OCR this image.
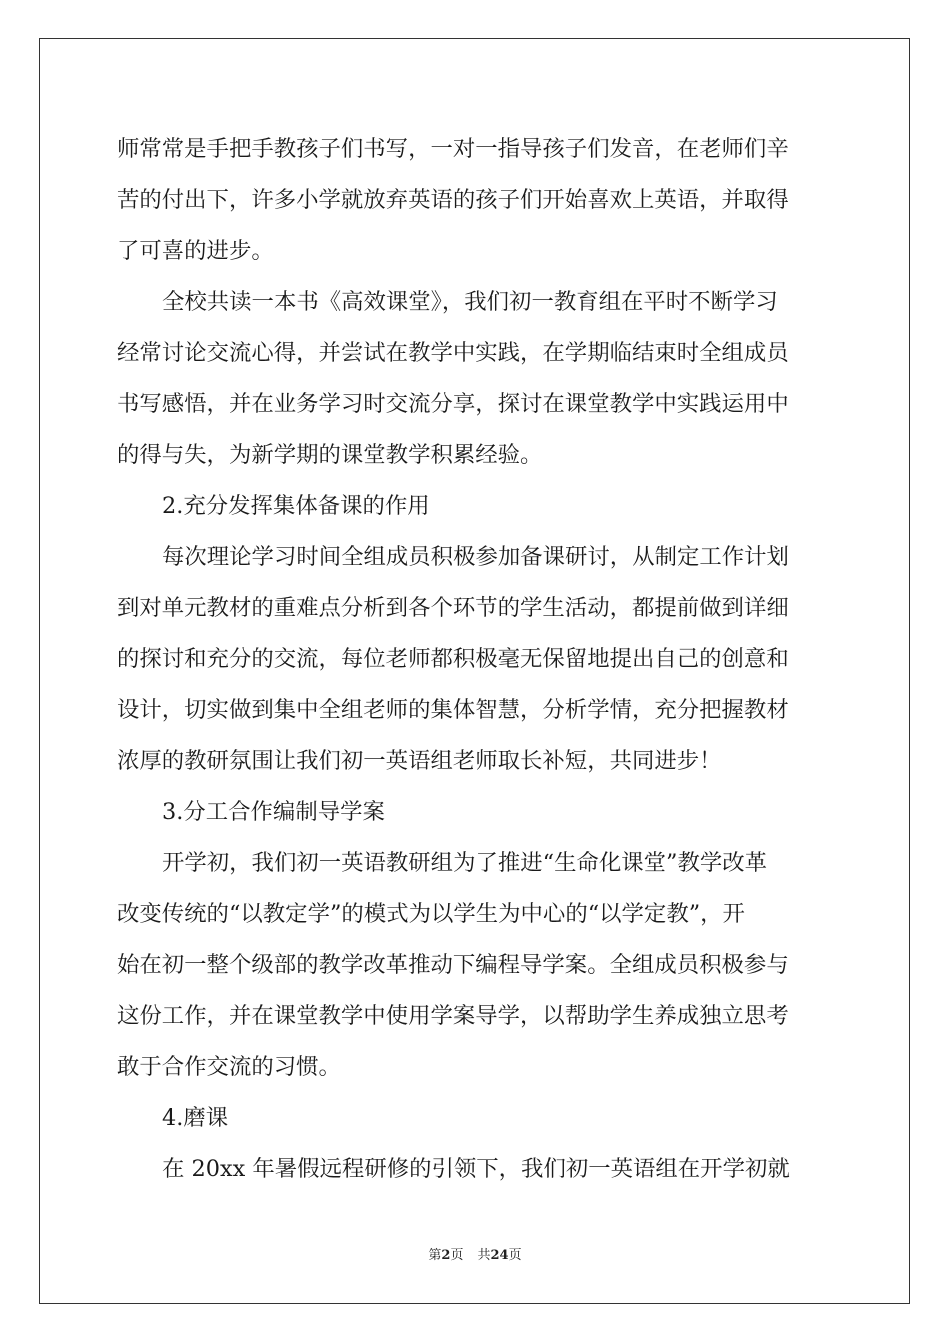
师常常是手把手教孩子们书写，一对一指导孩子们发音，在老师们辛
苦的付出下，许多小学就放弃英语的孩子们开始喜欢上英语，并取得
了可喜的进步。
全校共读一本书《高效课堂》，我们初一教育组在平时不断学习
经常讨论交流心得，并尝试在教学中实践，在学期临结束时全组成员
书写感悟，并在业务学习时交流分享，探讨在课堂教学中实践运用中
的得与失，为新学期的课堂教学积累经验。
2.充分发挥集体备课的作用
每次理论学习时间全组成员积极参加备课研讨，从制定工作计划
到对单元教材的重难点分析到各个环节的学生活动，都提前做到详细
的探讨和充分的交流，每位老师都积极毫无保留地提出自己的创意和
设计，切实做到集中全组老师的集体智慧，分析学情，充分把握教材
浓厚的教研氛围让我们初一英语组老师取长补短，共同进步！
3.分工合作编制导学案
开学初，我们初一英语教研组为了推进“生命化课堂”教学改革
改变传统的“以教定学”的模式为以学生为中心的“以学定教”，开
始在初一整个级部的教学改革推动下编程导学案。全组成员积极参与
这份工作，并在课堂教学中使用学案导学，以帮助学生养成独立思考
敢于合作交流的习惯。
4.磨课
在 20xx 年暑假远程研修的引领下，我们初一英语组在开学初就
第2页 共24页
